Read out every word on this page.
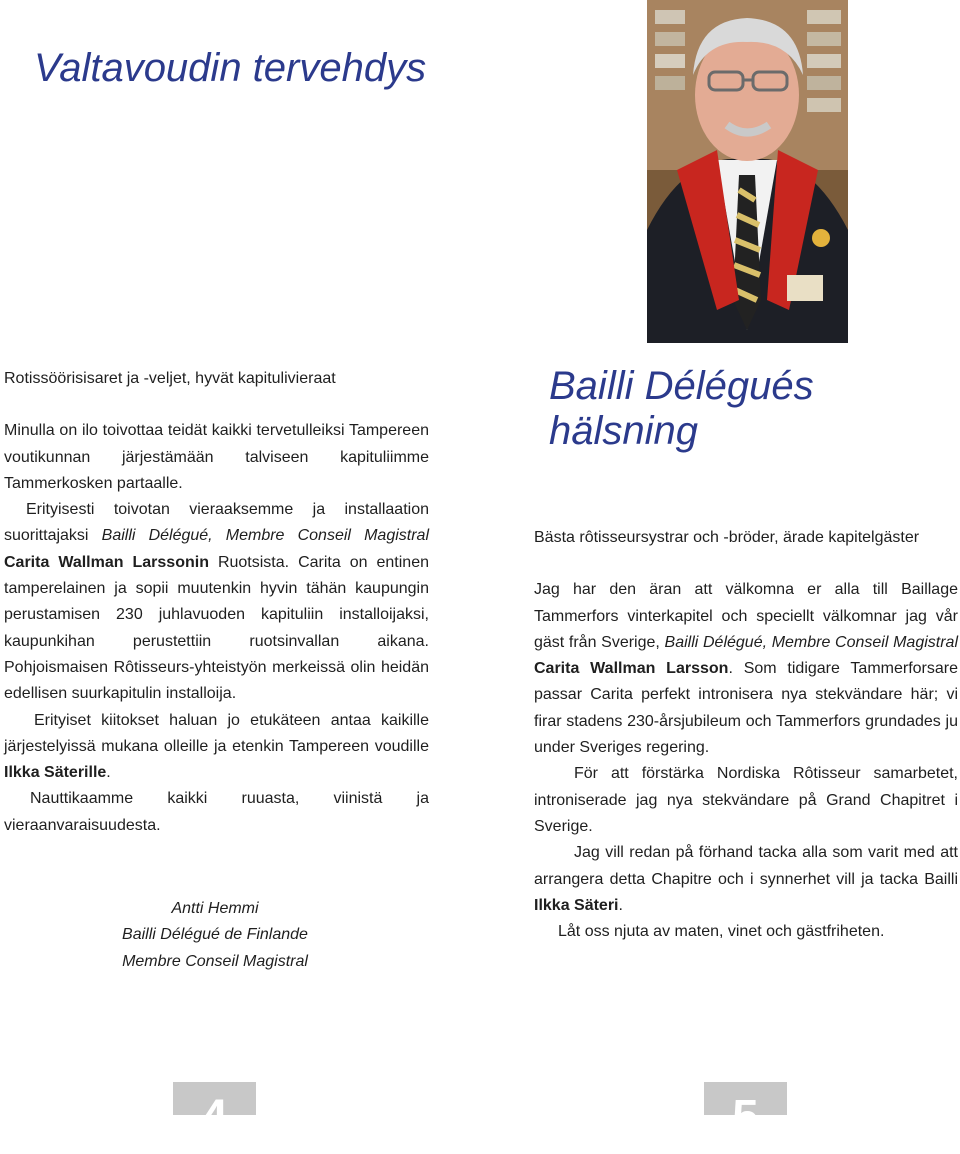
Valtavoudin tervehdys

Rotissöörisisaret ja -veljet, hyvät kapitulivieraat

Minulla on ilo toivottaa teidät kaikki tervetulleiksi Tampereen voutikunnan järjestämään talviseen kapituliimme Tammerkosken partaalle.

Erityisesti toivotan vieraaksemme ja installaation suorittajaksi Bailli Délégué, Membre Conseil Magistral Carita Wallman Larssonin Ruotsista. Carita on entinen tamperelainen ja sopii muutenkin hyvin tähän kaupungin perustamisen 230 juhlavuoden kapituliin installoijaksi, kaupunkihan perustettiin ruotsinvallan aikana. Pohjoismaisen Rôtisseurs-yhteistyön merkeissä olin heidän edellisen suurkapitulin installoija.

Erityiset kiitokset haluan jo etukäteen antaa kaikille järjestelyissä mukana olleille ja etenkin Tampereen voudille Ilkka Säterille.

Nauttikaamme kaikki ruuasta, viinistä ja vieraanvaraisuudesta.

Antti Hemmi
Bailli Délégué de Finlande
Membre Conseil Magistral
Bailli Délégués hälsning

Bästa rôtisseursystrar och -bröder, ärade kapitelgäster

Jag har den äran att välkomna er alla till Baillage Tammerfors vinterkapitel och speciellt välkomnar jag vår gäst från Sverige, Bailli Délégué, Membre Conseil Magistral Carita Wallman Larsson. Som tidigare Tammerforsare passar Carita perfekt intronisera nya stekvändare här; vi firar stadens 230-årsjubileum och Tammerfors grundades ju under Sveriges regering.

För att förstärka Nordiska Rôtisseur samarbetet, introniserade jag nya stekvändare på Grand Chapitret i Sverige.

Jag vill redan på förhand tacka alla som varit med att arrangera detta Chapitre och i synnerhet vill ja tacka Bailli Ilkka Säteri.

Låt oss njuta av maten, vinet och gästfriheten.

4	5
